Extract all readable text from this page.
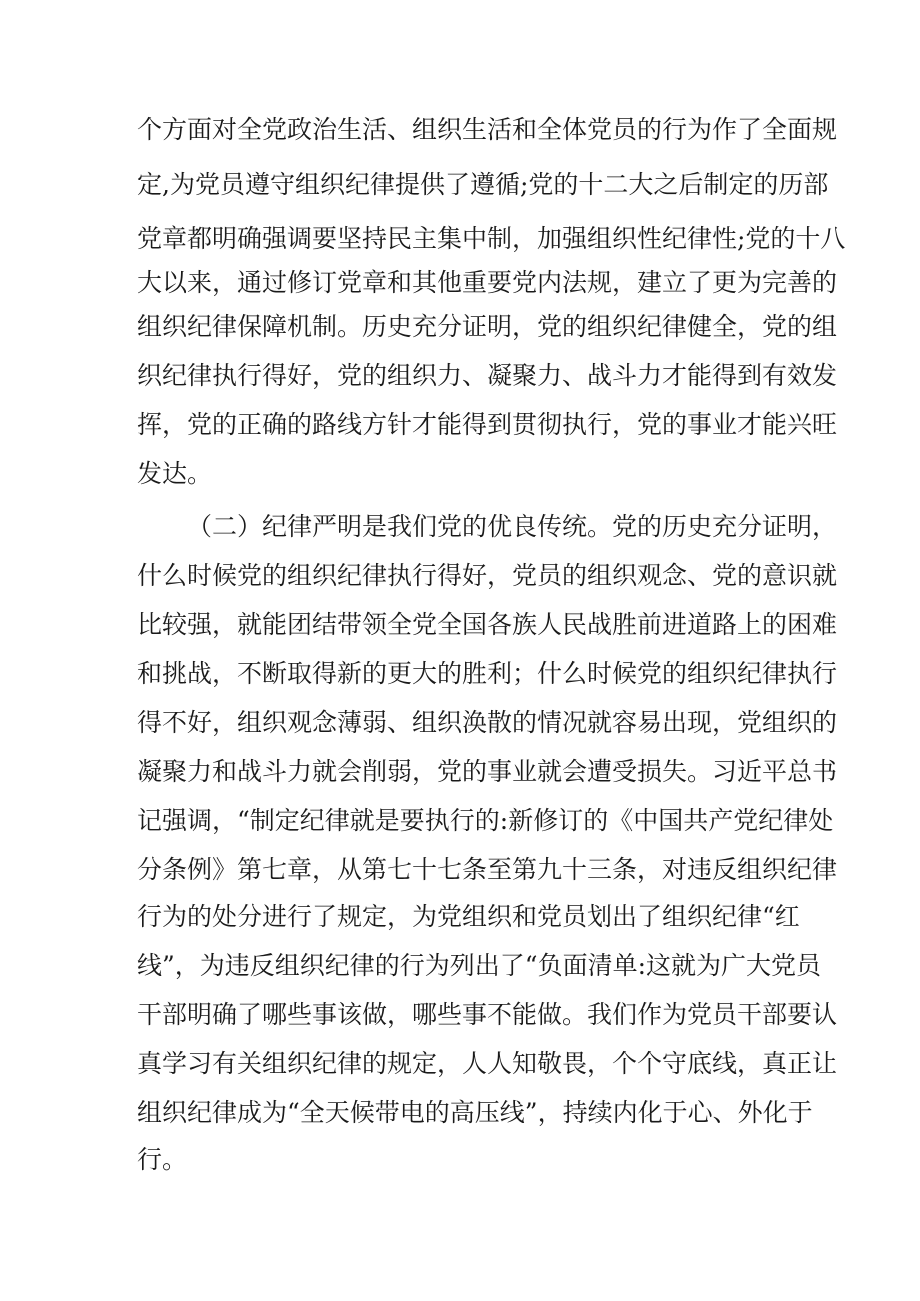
个方面对全党政治生活、组织生活和全体党员的行为作了全面规
定,为党员遵守组织纪律提供了遵循;党的十二大之后制定的历部
党章都明确强调要坚持民主集中制，加强组织性纪律性;党的十八
大以来，通过修订党章和其他重要党内法规，建立了更为完善的
组织纪律保障机制。历史充分证明，党的组织纪律健全，党的组
织纪律执行得好，党的组织力、凝聚力、战斗力才能得到有效发
挥，党的正确的路线方针才能得到贯彻执行，党的事业才能兴旺
发达。
（二）纪律严明是我们党的优良传统。党的历史充分证明，
什么时候党的组织纪律执行得好，党员的组织观念、党的意识就
比较强，就能团结带领全党全国各族人民战胜前进道路上的困难
和挑战，不断取得新的更大的胜利；什么时候党的组织纪律执行
得不好，组织观念薄弱、组织涣散的情况就容易出现，党组织的
凝聚力和战斗力就会削弱，党的事业就会遭受损失。习近平总书
记强调，“制定纪律就是要执行的:新修订的《中国共产党纪律处
分条例》第七章，从第七十七条至第九十三条，对违反组织纪律
行为的处分进行了规定，为党组织和党员划出了组织纪律“红
线”，为违反组织纪律的行为列出了“负面清单:这就为广大党员
干部明确了哪些事该做，哪些事不能做。我们作为党员干部要认
真学习有关组织纪律的规定，人人知敬畏，个个守底线，真正让
组织纪律成为“全天候带电的高压线”，持续内化于心、外化于
行。
